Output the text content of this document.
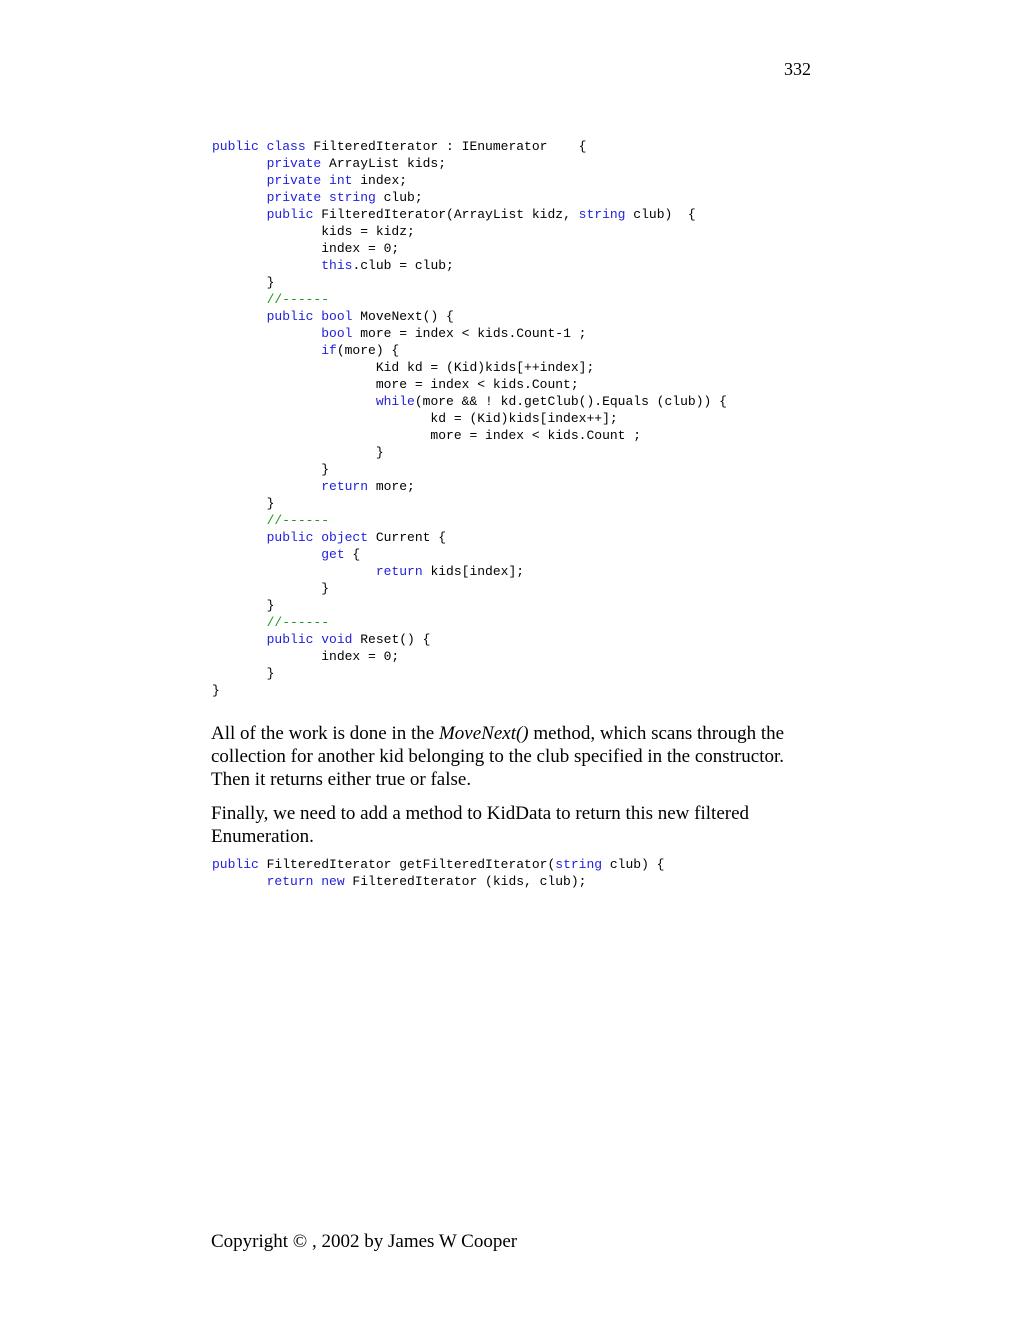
332
public class FilteredIterator : IEnumerator    {
private ArrayList kids;
private int index;
private string club;
public FilteredIterator(ArrayList kidz, string club)  {
kids = kidz;
index = 0;
this.club = club;
}
//------
public bool MoveNext() {
bool more = index < kids.Count-1 ;
if(more) {
Kid kd = (Kid)kids[++index];
more = index < kids.Count;
while(more && ! kd.getClub().Equals (club)) {
kd = (Kid)kids[index++];
more = index < kids.Count ;
}
}
return more;
}
//------
public object Current {
get {
return kids[index];
}
}
//------
public void Reset() {
index = 0;
}
}

All of the work is done in the MoveNext() method, which scans through the collection for another kid belonging to the club specified in the constructor. Then it returns either true or false.

Finally, we need to add a method to KidData to return this new filtered Enumeration.

public FilteredIterator getFilteredIterator(string club) {
return new FilteredIterator (kids, club);
Copyright © , 2002 by James W Cooper
